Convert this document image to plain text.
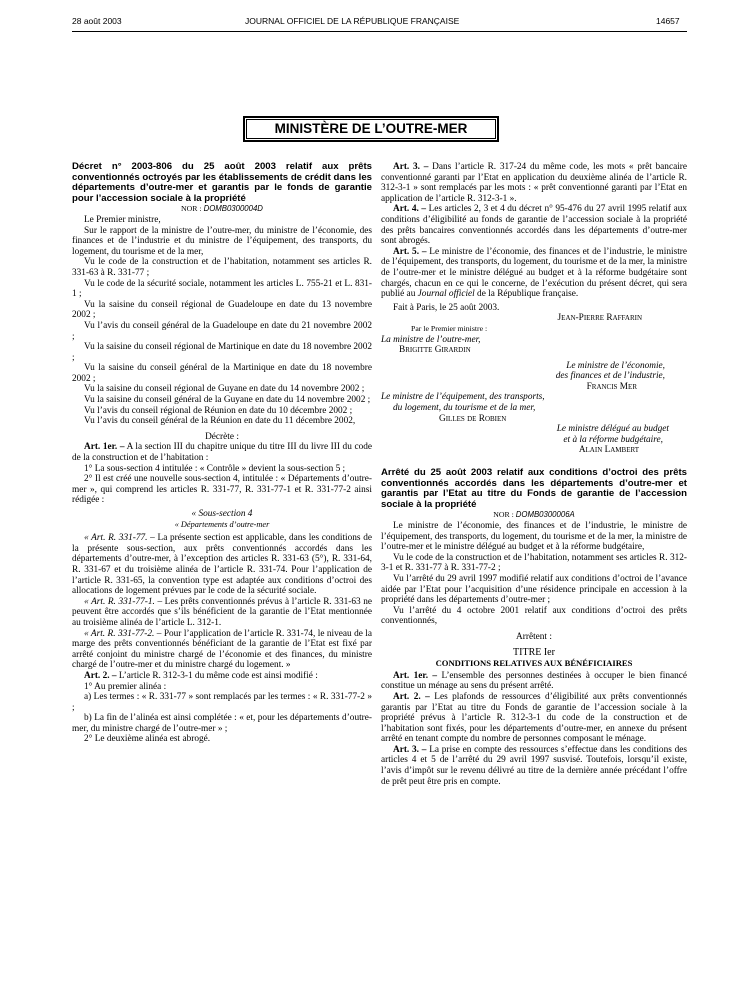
28 août 2003	JOURNAL OFFICIEL DE LA RÉPUBLIQUE FRANÇAISE	14657
MINISTÈRE DE L’OUTRE-MER

Décret n° 2003-806 du 25 août 2003 relatif aux prêts conventionnés octroyés par les établissements de crédit dans les départements d’outre-mer et garantis par le fonds de garantie pour l’accession sociale à la propriété

NOR : DOMB0300004D

Le Premier ministre,

Sur le rapport de la ministre de l’outre-mer, du ministre de l’économie, des finances et de l’industrie et du ministre de l’équipement, des transports, du logement, du tourisme et de la mer,

Vu le code de la construction et de l’habitation, notamment ses articles R. 331-63 à R. 331-77 ;

Vu le code de la sécurité sociale, notamment les articles L. 755-21 et L. 831-1 ;

Vu la saisine du conseil régional de Guadeloupe en date du 13 novembre 2002 ;

Vu l’avis du conseil général de la Guadeloupe en date du 21 novembre 2002 ;

Vu la saisine du conseil régional de Martinique en date du 18 novembre 2002 ;

Vu la saisine du conseil général de la Martinique en date du 18 novembre 2002 ;

Vu la saisine du conseil régional de Guyane en date du 14 novembre 2002 ;

Vu la saisine du conseil général de la Guyane en date du 14 novembre 2002 ;

Vu l’avis du conseil régional de Réunion en date du 10 décembre 2002 ;

Vu l’avis du conseil général de la Réunion en date du 11 décembre 2002,

Décrète :

Art. 1er. – A la section III du chapitre unique du titre III du livre III du code de la construction et de l’habitation :

1° La sous-section 4 intitulée : « Contrôle » devient la sous-section 5 ;

2° Il est créé une nouvelle sous-section 4, intitulée : « Départements d’outre-mer », qui comprend les articles R. 331-77, R. 331-77-1 et R. 331-77-2 ainsi rédigée :

« Sous-section 4

« Départements d’outre-mer

« Art. R. 331-77. – La présente section est applicable, dans les conditions de la présente sous-section, aux prêts conventionnés accordés dans les départements d’outre-mer, à l’exception des articles R. 331-63 (5°), R. 331-64, R. 331-67 et du troisième alinéa de l’article R. 331-74. Pour l’application de l’article R. 331-65, la convention type est adaptée aux conditions d’octroi des allocations de logement prévues par le code de la sécurité sociale.

« Art. R. 331-77-1. – Les prêts conventionnés prévus à l’article R. 331-63 ne peuvent être accordés que s’ils bénéficient de la garantie de l’Etat mentionnée au troisième alinéa de l’article L. 312-1.

« Art. R. 331-77-2. – Pour l’application de l’article R. 331-74, le niveau de la marge des prêts conventionnés bénéficiant de la garantie de l’Etat est fixé par arrêté conjoint du ministre chargé de l’économie et des finances, du ministre chargé de l’outre-mer et du ministre chargé du logement. »

Art. 2. – L’article R. 312-3-1 du même code est ainsi modifié :

1° Au premier alinéa :

a) Les termes : « R. 331-77 » sont remplacés par les termes : « R. 331-77-2 » ;

b) La fin de l’alinéa est ainsi complétée : « et, pour les départements d’outre-mer, du ministre chargé de l’outre-mer » ;

2° Le deuxième alinéa est abrogé.

Art. 3. – Dans l’article R. 317-24 du même code, les mots « prêt bancaire conventionné garanti par l’Etat en application du deuxième alinéa de l’article R. 312-3-1 » sont remplacés par les mots : « prêt conventionné garanti par l’Etat en application de l’article R. 312-3-1 ».

Art. 4. – Les articles 2, 3 et 4 du décret n° 95-476 du 27 avril 1995 relatif aux conditions d’éligibilité au fonds de garantie de l’accession sociale à la propriété des prêts bancaires conventionnés accordés dans les départements d’outre-mer sont abrogés.

Art. 5. – Le ministre de l’économie, des finances et de l’industrie, le ministre de l’équipement, des transports, du logement, du tourisme et de la mer, la ministre de l’outre-mer et le ministre délégué au budget et à la réforme budgétaire sont chargés, chacun en ce qui le concerne, de l’exécution du présent décret, qui sera publié au Journal officiel de la République française.

Fait à Paris, le 25 août 2003.

Jean-Pierre Raffarin

Par le Premier ministre :

La ministre de l’outre-mer,

Brigitte Girardin

Le ministre de l’économie,

des finances et de l’industrie,

Francis Mer

Le ministre de l’équipement, des transports,

du logement, du tourisme et de la mer,

Gilles de Robien

Le ministre délégué au budget

et à la réforme budgétaire,

Alain Lambert

Arrêté du 25 août 2003 relatif aux conditions d’octroi des prêts conventionnés accordés dans les départements d’outre-mer et garantis par l’Etat au titre du Fonds de garantie de l’accession sociale à la propriété

NOR : DOMB0300006A

Le ministre de l’économie, des finances et de l’industrie, le ministre de l’équipement, des transports, du logement, du tourisme et de la mer, la ministre de l’outre-mer et le ministre délégué au budget et à la réforme budgétaire,

Vu le code de la construction et de l’habitation, notamment ses articles R. 312-3-1 et R. 331-77 à R. 331-77-2 ;

Vu l’arrêté du 29 avril 1997 modifié relatif aux conditions d’octroi de l’avance aidée par l’Etat pour l’acquisition d’une résidence principale en accession à la propriété dans les départements d’outre-mer ;

Vu l’arrêté du 4 octobre 2001 relatif aux conditions d’octroi des prêts conventionnés,

Arrêtent :

TITRE Ier

CONDITIONS RELATIVES AUX BÉNÉFICIAIRES

Art. 1er. – L’ensemble des personnes destinées à occuper le bien financé constitue un ménage au sens du présent arrêté.

Art. 2. – Les plafonds de ressources d’éligibilité aux prêts conventionnés garantis par l’Etat au titre du Fonds de garantie de l’accession sociale à la propriété prévus à l’article R. 312-3-1 du code de la construction et de l’habitation sont fixés, pour les départements d’outre-mer, en annexe du présent arrêté en tenant compte du nombre de personnes composant le ménage.

Art. 3. – La prise en compte des ressources s’effectue dans les conditions des articles 4 et 5 de l’arrêté du 29 avril 1997 susvisé. Toutefois, lorsqu’il existe, l’avis d’impôt sur le revenu délivré au titre de la dernière année précédant l’offre de prêt peut être pris en compte.
